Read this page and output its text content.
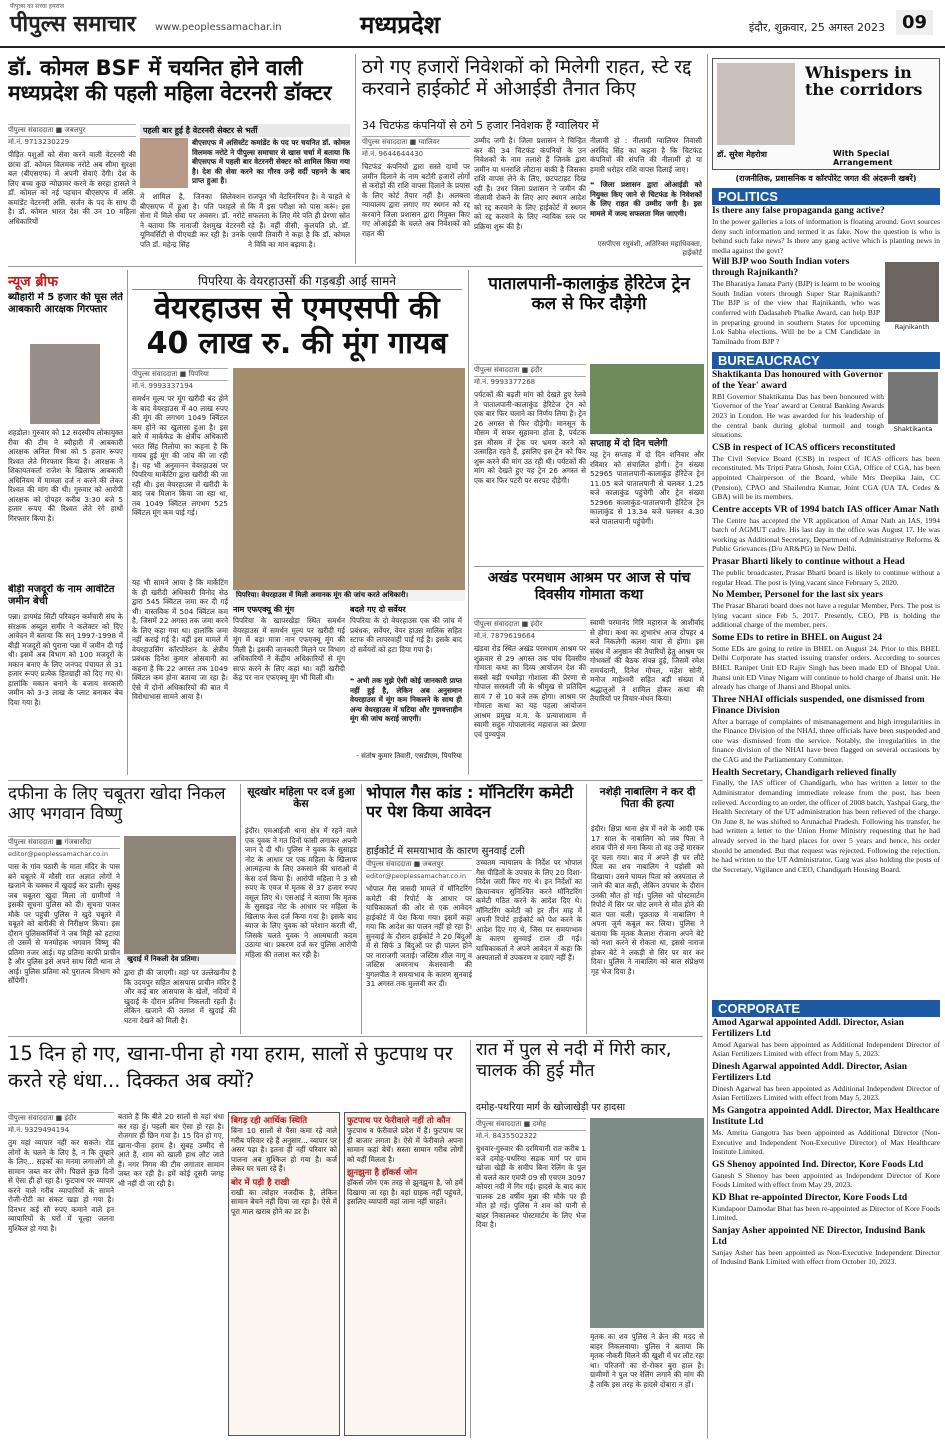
पीपुल्स का सच्चा हमराज
पीपुल्स समाचार www.peoplessamachar.in	मध्यप्रदेश	इंदौर, शुक्रवार, 25 अगस्त 2023 09
डॉ. कोमल BSF में चयनित होने वाली मध्यप्रदेश की पहली महिला वेटरनरी डॉक्टर
पीपुल्स संवाददाता ■ जबलपुर
मो.नं. 9713230229
पीड़ित पशुओं को सेवा करने वाली वेटरनरी की छात्रा डॉ. कोमल विलमक नरोटे अब सीमा सुरक्षा बल (बीएसएफ) में अपनी सेवाएं देंगी। देश के लिए बच्च कुछ न्योछावर करने के सरहा हासले ने डॉ. कोमल को नई पहचान बीएसएफ में असि. कमांडेंट वेटरनरी असि. सर्जन के पद के साथ दी है। डॉ. कोमल भारत देश की उन 10 महिला अधिकारियों
पहली बार हुई है वेटरनरी सेक्टर से भर्ती
बीएसएफ में असिस्टेंट कमांडेंट के पद पर चयनित डॉ. कोमल विलमक नरोटे ने पीपुल्स समाचार से खास चर्चा में बताया कि बीएसएफ में पहली बार वेटरनरी सेक्टर को शामिल किया गया है। देश की सेवा करने का गौरव उन्हें वर्दी पहनने के बाद प्राप्त हुआ है।
में शामिल है, जिनका सिलेक्शन बीएसएफ में हुआ है। पति पशहले से सेना में मिले सेवा पर अवसर। डॉ. नरोटे ने बताया कि नानाजी देशमुख वेटरनरी यूनिवर्सिटी से पीएचडी कर रही है। उनके पति डॉ. महेन्द्र सिंह
राजपूत भी वेटरिनरियन है। वे चाहते थे कि मैं इस परीक्षा को पास करूं। इस सफलता के लिए मेरे पति ही प्रेरणा स्रोत रहे हैं। वहीं वीसी, कुलपति प्रो. डॉ. एसपी तिवारी ने कहा है कि डॉ. कोमल ने विवि का मान बढ़ाया है।
ठगे गए हजारों निवेशकों को मिलेगी राहत, स्टे रद्द करवाने हाईकोर्ट में ओआईडी तैनात किए
34 चिटफंड कंपनियों से ठगे 5 हजार निवेशक हैं ग्वालियर में
पीपुल्स संवाददाता ■ ग्वालियर
मो.नं. 9644644430
चिटफंड कंपनियों द्वारा सस्ते दामों पर जमीन दिलाने के नाम बटोरी हजारों लोगों से करोड़ों की राशि वापस दिलाने के प्रयास के लिए कोर्ट तैयार नहीं है। अलबत्ता न्यायालय द्वारा लगाए गए स्थगन को रद्द करवाने जिला प्रशासन द्वारा नियुक्त किए गए ओआईडी के चलते अब निवेशकों को राहत की
उम्मीद जगी है। जिला प्रशासन ने चिन्हित कर की 34 चिटफंड कंपनियों के उन निवेशकों के नाम तलाशे हैं जिनके द्वारा जमीन या धनराशि लौटाना बाकी है जिसका राशि वापस लेने के लिए, छटपटाहट दिख रही है। उधर जिला प्रशासन ने जमीन की नीलामी रोकने के लिए आए स्थगन आदेश को रद्द करवाने के लिए हाईकोर्ट में स्थगन को रद्द करवाने के लिए न्यायिक स्तर पर प्रक्रिया शुरू की है।
नीलामी हो : नीलामी ग्वालियर निवासी अरविंद सिंह का कहना है कि चिटफंड कंपनियों की संपत्ति की नीलामी हो या हमारी धरोहर राशि वापस दिलाई जाए।
❝ जिला प्रशासन द्वारा ओआईडी को नियुक्त किए जाने से चिटफंड के निवेशकों के लिए राहत की उम्मीद जगी है। इस मामले में जल्द सफलता मिल जाएगी।
एसपीएस रघुवंशी, अतिरिक्त महाधिवक्ता, हाईकोर्ट
Whispers in the corridors
डॉ. सुरेश मेहरोत्रा	With Special Arrangement
(राजनीतिक, प्रशासनिक व कॉरपोरेट जगत की अंदरूनी खबरें)
POLITICS
Is there any false propaganda gang active?
In the power galleries a lots of information is floating around. Govt sources deny such information and termed it as fake. Now the question is who is behind such fake news? Is there any gang active which is planting news in media against the govt?
Will BJP woo South Indian voters through Rajnikanth?
The Bharatiya Janata Party (BJP) is learnt to be wooing South Indian voters through Super Star Rajnikanth? The BJP is of the view that Rajnikanth, who was conferred with Dadasaheb Phalke Award, can help BJP in preparing ground in southern States for upcoming Lok Sabha elections. Will he be a CM Candidate in Tamilnadu from BJP ?
Rajnikanth
BUREAUCRACY
Shaktikanta
Shaktikanta Das honoured with Governor of the Year' award
RBI Governor Shaktikanta Das has been honoured with 'Governor of the Year' award at Central Banking Awards 2023 in London. He was awarded for his leadership of the central bank during global turmoil and tough situations.
CSB in respect of ICAS officers reconstituted
The Civil Service Board (CSB) in respect of ICAS officers has been reconstituted. Ms Tripti Patra Ghosh, Joint CGA, Office of CGA, has been appointed Chairperson of the Board, while Mrs Deepika Jain, CC (Pension), CPAO and Shailendra Kumar, Joint CGA (UA TA, Cedes & GBA) will be its members.
Centre accepts VR of 1994 batch IAS officer Amar Nath
The Centre has accepted the VR application of Amar Nath an IAS, 1994 batch of AGMUT cadre. His last day in the office was August 17. He was working as Additional Secretary, Department of Administrative Reforms & Public Grievances (D/o AR&PG) in New Delhi.
Prasar Bharti likely to continue without a Head
The public broadcaster, Prasar Bharti board is likely to continue without a regular Head. The post is lying vacant since February 5, 2020.
No Member, Personel for the last six years
The Prasar Bharati board does not have a regular Member, Pers. The post is lying vacant since Feb 5, 2017. Presently, CEO, PB is holding the additional charge of the member, pers.
Some EDs to retire in BHEL on August 24
Some EDs are going to retire in BHEL on August 24. Prior to this BHEL Delhi Corporate has started issuing transfer orders. According to sources BHEL Ranipet Unit ED Rajiv Singh has been made ED of Bhopal Unit. Jhansi unit ED Vinay Nigam will continue to hold charge of Jhansi unit. He already has charge of Jhansi and Bhopal units.
Three NHAI officials suspended, one dismissed from Finance Division
After a barrage of complaints of mismanagement and high irregularities in the Finance Division of the NHAI, three officials have been suspended and one was dismissed from the service. Notably, the irregularities in the finance division of the NHAI have been flagged on several occasions by the CAG and the Parliamentary Committee.
Health Secretary, Chandigarh relieved finally
Finally, the IAS officer of Chandigarh, who has written a letter to the Administrator demanding immediate release from the post, has been relieved. According to an order, the officer of 2008 batch, Yashpal Garg, the Health Secretary of the UT administration has been relieved of the charge. On June 8, he was shifted to Arunachal Pradesh. Following his transfer, he had written a letter to the Union Home Ministry requesting that he had already served in the hard places for over 5 years and hence, his order should be amended. But that request was rejected. Following the rejection, he had written to the UT Administrator, Garg was also holding the posts of the Secretary, Vigilance and CEO, Chandigarh Housing Board.
CORPORATE
Amod Agarwal appointed Addl. Director, Asian Fertilizers Ltd
Amod Agarwal has been appointed as Additional Independent Director of Asian Fertilizers Limited with effect from May 5, 2023.
Dinesh Agarwal appointed Addl. Director, Asian Fertilizers Ltd
Dinesh Agarwal has been appointed as Additional Independent Director of Asian Fertilizers Limited with effect from May 5, 2023.
Ms Gangotra appointed Addl. Director, Max Healthcare Institute Ltd
Ms. Amrita Gangotra has been appointed as Additional Director (Non-Executive and Independent Non-Executive Director) of Max Healthcare Institute Limited.
GS Shenoy appointed Ind. Director, Kore Foods Ltd
Ganesh S Shenoy has been appointed as Independent Director of Kore Foods Limited with effect from May 29, 2023.
KD Bhat re-appointed Director, Kore Foods Ltd
Kundapoor Damodar Bhat has been re-appointed as Director of Kore Foods Limited.
Sanjay Asher appointed NE Director, Indusind Bank Ltd
Sanjay Asher has been appointed as Non-Executive Independent Director of Indusind Bank Limited with effect from October 10, 2023.
न्यूज ब्रीफ
ब्यौहारी में 5 हजार की घूस लेते आबकारी आरक्षक गिरफ्तार
शहडोल। गुरुवार को 12 सदस्यीय लोकायुक्त रीवा की टीम ने ब्यौहारी में आबकारी आरक्षक अनिल मिश्रा को 5 हजार रूपए रिश्वत लेते गिरफ्तार किया है। आरक्षक ने शिकायतकर्ता राजेश के खिलाफ आबकारी अधिनियम में मामला दर्ज न करने की लेकर रिश्वत की मांग की थी। गुरुवार को आरोपी आरक्षक को दोपहर करीब 3:30 बजे 5 हजार रूपए की रिश्वत लेते रंगे हाथों गिरफ्तार किया है।
बीड़ी मजदूरों के नाम आवंटित जमीन बेची
पन्ना। डायमंड सिटी परिवहन कर्मचारी संघ के संरक्षक अब्दुल समीर ने कलेक्टर को दिए आवेदन में बताया कि सन् 1997-1998 में बीड़ी मजदूरों को पुराना पन्ना में जमीन दी गई थी। इसमें अब विभाग को 100 मजदूरों के मकान बनाए के लिए जनपद पंचायत से 31 हजार रूपए प्रत्येक हितग्राही को दिए गए थे। हालांकि मकान बनाने के बजाय सरकारी जमीन को 3-3 लाख के प्लाट बनाकर बेच दिया गया है।
पिपरिया के वेयरहाउसों की गड़बड़ी आई सामने
वेयरहाउस से एमएसपी की 40 लाख रु. की मूंग गायब
पीपुल्स संवाददाता ■ पिपरिया
मो.नं. 9993337194
समर्थन मूल्य पर मूंग खरीदी बंद होने के बाद वेयरहाउस में 40 लाख रुपए की मूंग की लगभग 1049 क्विंटल कम होने का खुलासा हुआ है। इस बारे में मार्कफेड के क्षेत्रीय अधिकारी भरत सिंह निलोया का कहना है कि गायब हुई मूंग की जांच की जा रही है। यह भी अनुमानन वेयरहाउस पर पिपरिया मार्केटिंग द्वारा खरीदी की जा रही थी। इस वेयरहाउस में खरीदी के बाद जब मिलान किया जा रहा था, तब 1049 क्विंटल लगभग 525 क्विंटल मूंग कम पाई गई।
यह भी सामने आया है कि मार्केटिंग के ही खरीदी अधिकारी विनोद सेठ द्वारा 545 क्विंटल जमा कर दी गई थी। वास्तविक में 504 क्विंटल कम है, जिसमें 22 अगस्त तक जमा करने के लिए कहा गया था। हालांकि जमा नहीं कराई गई है। वहीं इस मामले में वेयरहाउसिंग कॉरपोरेशन के क्षेत्रीय प्रबंधक दिनेश कुमार ओसवानी का कहना है कि 22 अगस्त तक 1049 क्विंटल कम होना बताया जा रहा है। ऐसे में दोनों अधिकारियों की बात में विरोधाभास सामने आया है।
पिपरिया। वेयरहाउस में मिली अमानक मूंग की जांच करते अधिकारी।
नाम एफएक्यू की मूंग
पिपरिया के खापरखेड़ा स्थित समर्थन वेयरहाउस में समर्थन मूल्य पर खरीदी गई मूंग में बड़ा मात्रा नान एफएक्यू मूंग की मिली है। इसकी जानकारी मिलने पर विभाग अधिकारियों ने केंद्रीय अधिकारियों से मूंग साफ करने के लिए कहा था। वहीं खरीदी केंद्र पर नान एफएक्यू मूंग भी मिली थी।
बदले गए दो सर्वेयर
पिपरिया के दो वेयरहाउस एक की जांच में प्रबंधक, सर्वेयर, वेयर हाउस मालिक सहित स्टाफ की लापरवाही पाई गई है। इसके बाद दो सर्वेयरों को हटा दिया गया है।
❝ अभी तक मुझे ऐसी कोई जानकारी प्राप्त नहीं हुई है, लेकिन अब अनुसमान वेयरहाउस में मूंग कम निकलने के साथ ही अन्य वेयरहाउस में घटिया और गुणवत्ताहीन मूंग की जांच कराई जाएगी।
- संतोष कुमार तिवारी, एसडीएम, पिपरिया
पातालपानी-कालाकुंड हेरिटेज ट्रेन कल से फिर दौड़ेगी
पीपुल्स संवाददाता ■ इंदौर
मो.नं. 9993377268
पर्यटकों की बढ़ती मांग को देखते हुए रेलवे ने पातालपानी-कालाकुंड हेरिटेज ट्रेन को एक बार फिर चलाने का निर्णय लिया है। ट्रेन 26 अगस्त से फिर दौड़ेगी। मानसून के मौसम में सफर सुहावना होता है, पर्यटक इस मौसम में ट्रेक पर भ्रमण करने को उत्साहित रहते हैं, इसलिए इस ट्रेन को फिर शुरू करने की मांग उठ रही थी। पर्यटकों की मांग को देखते हुए यह ट्रेन 26 अगस्त से एक बार फिर पटरी पर सरपट दौड़ेगी।
सप्ताह में दो दिन चलेगी
यह ट्रेन सप्ताह में दो दिन शनिवार और रविवार को संचालित होगी। ट्रेन संख्या 52965 पातालपानी-कालाकुंड हेरिटेज ट्रेन 11.05 बजे पातालपानी से चलकर 1.25 बजे कालाकुंड पहुंचेगी और ट्रेन संख्या 52966 कालाकुंड-पातालपानी हेरिटेज ट्रेन कालाकुंड से 13.34 बजे चलकर 4.30 बजे पातालपानी पहुंचेगी।
अखंड परमधाम आश्रम पर आज से पांच दिवसीय गोमाता कथा
पीपुल्स संवाददाता ■ इंदौर
मो.नं. 7879619664
खंडवा रोड स्थित अखंड परमधाम आश्रम पर शुक्रवार से 29 अगस्त तक पांच दिवसीय गोमाता कथा का दिव्य आयोजन देश की सबसे बड़ी पथमेड़ा गोशाला की प्रेरणा से गोपाल सरस्वती जी के श्रीमुख से प्रतिदिन सायं 7 से 10 बजे तक होगा। आश्रम पर गोमाता कथा का यह पहला आयोजन आश्रम प्रमुख म.म. के प्रत्याशाधाम में स्वामी सद्गुरु गोपालानंद महाराज का प्रेरणा एवं पुण्यपुंज
स्वामी परमानंद गिरि महाराज के आशीर्वाद से होगा। कथा का शुभारंभ आज दोपहर 4 बजे निकलेगी कलश यात्रा से होगा। इस संबंध में अनुष्ठान की तैयारियों हेतु आश्रम पर गोभक्तों की बैठक संपन्न हुई, जिसमें रमेश रामचंदानी, दिनेश गोयल, महेश सोनी, मनोज माहेश्वरी सहित बड़ी संख्या में श्रद्धालुओं ने शामिल होकर कथा की तैयारियों पर विचार-मंथन किया।
दफीना के लिए चबूतरा खोदा निकल आए भगवान विष्णु
पीपुल्स संवाददाता ■ गंजबासौदा
editor@peoplessamachar.co.in
पास के गांव पठारी के माता मंदिर के पास बने चबूतरे में मौसी रात अज्ञात लोगों ने खजाने के चक्कर में खुदाई कर डाली। सुबह जब चबूतरा खुदा मिला तो ग्रामीणों ने इसकी सूचना पुलिस को दी। सूचना पाकर मौके पर पहुंची पुलिस ने खुदे चबूतरे में चबूतरे को बारीकी से निरीक्षण किया। इस दौरान पुलिसकर्मियों ने जब मिट्टी को हटाया तो उसमें से मनमोहक भगवान विष्णु की प्रतिमा नजर आई। यह प्रतिमा काफी प्राचीन है और पुलिस इसे अपने साथ सिटी थाना ले आई। पुलिस प्रतिमा को पुरातत्व विभाग को सौंपेगी।
खुदाई में निकली देव प्रतिमा।
द्वारा ही की जाएगी। वहां पर उल्लेखनीय है कि उदयपुर सहित आसपास प्राचीन मंदिर हैं और कई बार आसपास के खेतों, नदियों में खुदाई के दौरान प्रतिमा निकलती रहती हैं। लेकिन खजाने की तलाश में खुदाई की घटना देखने को मिली है।
सूदखोर महिला पर दर्ज हुआ केस
इंदौर। एमआईजी थाना क्षेत्र में रहने वाले एक युवक ने गत दिनों फांसी लगाकर अपनी जान दे दी थी। पुलिस ने युवक के सुसाइड नोट के आधार पर एक महिला के खिलाफ आत्महत्या के लिए उकसाने की धाराओं में केस दर्ज किया है। आरोपी महिला ने 3 सौ रुपए के एवज में मृतक से 37 हजार रुपए वसूल लिए थे। एसआई ने बताया कि मृतक के सुसाइड नोट के आधार पर महिला के खिलाफ केस दर्ज किया गया है। इसके बाद ब्याज के लिए युवक को परेशान करती थी, जिसके चलते युवक ने आत्मघाती कदम उठाया था। प्रकरण दर्ज कर पुलिस आरोपी महिला की तलाश कर रही है।
भोपाल गैस कांड : मॉनिटरिंग कमेटी पर पेश किया आवेदन
हाईकोर्ट में समयाभाव के कारण सुनवाई टली
पीपुल्स संवाददाता ■ जबलपुर
editor@peoplessamachar.co.in
भोपाल गैस त्रासदी मामले में मॉनिटरिंग कमेटी की रिपोर्ट के आधार पर याचिकाकर्ता की ओर से एक आवेदन हाईकोर्ट में पेश किया गया। इसमें कहा गया कि आदेश का पालन नहीं हो रहा है। सुनवाई के दौरान हाईकोर्ट ने 20 बिंदुओं में से सिर्फ 3 बिंदुओं पर ही पालन होने पर नाराजगी जताई। जस्टिस शील नागू व जस्टिस अमरनाथ केशरवानी की युगलपीठ ने समयाभाव के कारण सुनवाई 31 अगस्त तक मुल्तवी कर दी।
उच्चतम न्यायालय के निर्देश पर भोपाल गैस पीड़ितों के उपचार के लिए 20 दिशा-निर्देश जारी किए गए थे। इन निर्देशों का क्रियान्वयन सुनिश्चित करने मॉनिटरिंग कमेटी गठित करने के आदेश दिए थे। मॉनिटरिंग कमेटी को हर तीन माह में अपनी रिपोर्ट हाईकोर्ट को पेश करने के आदेश दिए गए थे, जिस पर समयाभाव के कारण सुनवाई टाल दी गई। याचिकाकर्ता ने अपने आवेदन में कहा कि अस्पतालों में उपकरण व दवाएं नहीं हैं।
नशेड़ी नाबालिग ने कर दी पिता की हत्या
इंदौर। क्षिप्रा थाना क्षेत्र में नशे के आदी एक 17 साल के नाबालिग को जब पिता ने शराब पीने से मना किया तो वह उन्हें मारकर दूर चला गया। बाद में अपने ही घर लौटे पिता का शव नाबालिग ने पड़ोसी को दिखाया। उसने घायल पिता को अस्पताल ले जाने की बात कही, लेकिन उपचार के दौरान उनकी मौत हो गई। पुलिस को पोस्टमार्टम रिपोर्ट में सिर पर चोट लगने से मौत होने की बात पता चली। पूछताछ में नाबालिग ने अपना जुर्म कबूल कर लिया। पुलिस ने बताया कि मृतक कैलाश रोजाना अपने बेटे को नशा करने से रोकता था, इससे नाराज होकर बेटे ने लकड़ी से सिर पर वार कर दिया। पुलिस ने नाबालिग को बाल संप्रेक्षण गृह भेज दिया है।
15 दिन हो गए, खाना-पीना हो गया हराम, सालों से फुटपाथ पर करते रहे धंधा... दिक्कत अब क्यों?
पीपुल्स संवाददाता ■ इंदौर
मो.नं. 9329494194
तुम यहां व्यापार नहीं कर सकते। रोड लोगों के चलने के लिए है, न कि तुम्हारे के लिए... सड़कों का मनमा लगाओगे तो सामान जब्त कर लेंगे। पिछले कुछ दिनों से ऐसा ही हो रहा है। फुटपाथ पर व्यापार करने वाले गरीब व्यापारियों के सामने रोजी-रोटी का संकट खड़ा हो गया है। दिनभर कई सौ रुपए कमाने वाले इन व्यापारियों के घरों में चूल्हा जलना मुश्किल हो गया है।
बताते हैं कि बीते 20 सालों से यहां धंधा कर रहा हूं। पहली बार ऐसा हो रहा है। रोजगार ही छिन गया है। 15 दिन हो गए, खाना-पीना हराम है। सुबह उम्मीद से आते हैं, शाम को खाली हाथ लौट जाते हैं। नगर निगम की टीम लगातार सामान जब्त कर रही है। हमें कोई दूसरी जगह भी नहीं दी जा रही है।
बिगड़ रही आर्थिक स्थिति
बिना 10 सालों से पैसा कमा रहे वाले गरीब परिवार रहे हैं अनुसार... व्यापार पर असर पड़ा है। इतना ही नहीं परिवार को पालना अब मुश्किल हो गया है। कर्ज लेकर घर चला रहे हैं।
बोर में पड़ी है राखी
राखी का त्योहार नजदीक है, लेकिन सामान बेचने नहीं दिया जा रहा है। ऐसे में पूरा माल खराब होने का डर है।
फुटपाथ पर फेरीवाले नहीं तो कौन
फुटपाथ व फेरीवाले प्रदेश में हैं। फुटपाथ पर ही बाजार लगता है। ऐसे में फेरीवाले अपना सामान कहां बेचें। सस्ता सामान गरीब लोगों को यहीं मिलता है।
झुनझुना है हॉकर्स जोन
हॉकर्स जोन एक तरह से झुनझुना है, जो हमें दिखाया जा रहा है। वहां ग्राहक नहीं पहुंचते, इसलिए व्यापारी वहां जाना नहीं चाहते।
रात में पुल से नदी में गिरी कार, चालक की हुई मौत
दमोह-पथरिया मार्ग के खोजाखेड़ी पर हादसा
पीपुल्स संवाददाता ■ दमोह
मो.नं. 8435502322
बुधवार-गुरुवार की दरमियानी रात करीब 1 बजे दमोह-पथरिया सड़क मार्ग पर ग्राम खोजा खेड़ी के समीप बिना रेलिंग के पुल से चलते कार एमपी 09 सी एचएम 3097 कोपरा नदी में गिर गई। हादसे के बाद कार चालक 28 वर्षीय मुन्ना की मौके पर ही मौत हो गई। पुलिस ने शव को पानी से बाहर निकालकर पोस्टमार्टम के लिए भेज दिया है।
मृतक का शव पुलिस ने क्रेन की मदद से बाहर निकलवाया। पुलिस ने बताया कि मृतक नौकरी मिलने की खुशी में घर लौट रहा था। परिजनों का रो-रोकर बुरा हाल है। ग्रामीणों ने पुल पर रेलिंग लगाने की मांग की है ताकि इस तरह के हादसे दोबारा न हों।
